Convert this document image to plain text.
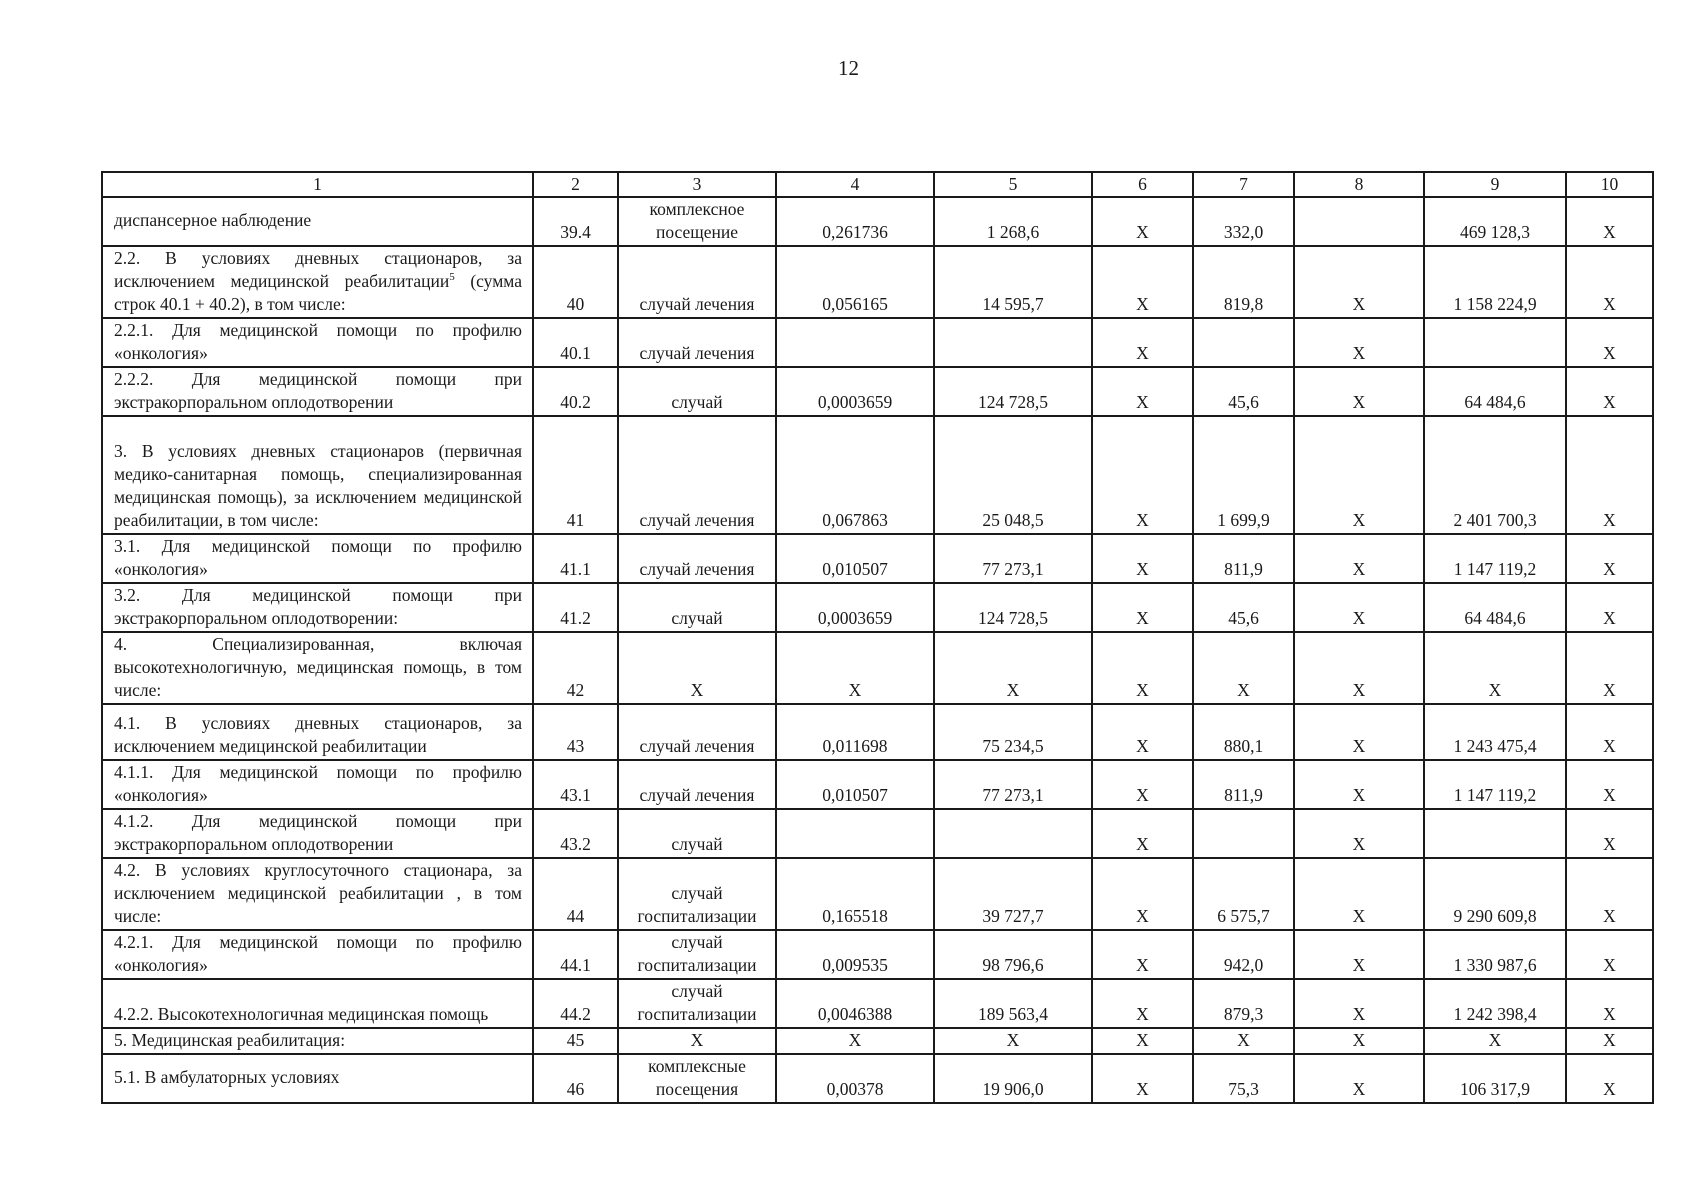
12
1	2	3	4	5	6	7	8	9	10
диспансерное наблюдение	39.4	комплексное посещение	0,261736	1 268,6	X	332,0		469 128,3	X
2.2. В условиях дневных стационаров, за исключением медицинской реабилитации$^5$ (сумма строк 40.1 + 40.2), в том числе:	40	случай лечения	0,056165	14 595,7	X	819,8	X	1 158 224,9	X
2.2.1. Для медицинской помощи по профилю «онкология»	40.1	случай лечения			X		X		X
2.2.2. Для медицинской помощи при экстракорпоральном оплодотворении	40.2	случай	0,0003659	124 728,5	X	45,6	X	64 484,6	X
3. В условиях дневных стационаров (первичная медико-санитарная помощь, специализированная медицинская помощь), за исключением медицинской реабилитации, в том числе:	41	случай лечения	0,067863	25 048,5	X	1 699,9	X	2 401 700,3	X
3.1. Для медицинской помощи по профилю «онкология»	41.1	случай лечения	0,010507	77 273,1	X	811,9	X	1 147 119,2	X
3.2. Для медицинской помощи при экстракорпоральном оплодотворении:	41.2	случай	0,0003659	124 728,5	X	45,6	X	64 484,6	X
4. Специализированная, включая высокотехнологичную, медицинская помощь, в том числе:	42	X	X	X	X	X	X	X	X
4.1. В условиях дневных стационаров, за исключением медицинской реабилитации	43	случай лечения	0,011698	75 234,5	X	880,1	X	1 243 475,4	X
4.1.1. Для медицинской помощи по профилю «онкология»	43.1	случай лечения	0,010507	77 273,1	X	811,9	X	1 147 119,2	X
4.1.2. Для медицинской помощи при экстракорпоральном оплодотворении	43.2	случай			X		X		X
4.2. В условиях круглосуточного стационара, за исключением медицинской реабилитации , в том числе:	44	случай госпитализации	0,165518	39 727,7	X	6 575,7	X	9 290 609,8	X
4.2.1. Для медицинской помощи по профилю «онкология»	44.1	случай госпитализации	0,009535	98 796,6	X	942,0	X	1 330 987,6	X
4.2.2. Высокотехнологичная медицинская помощь	44.2	случай госпитализации	0,0046388	189 563,4	X	879,3	X	1 242 398,4	X
5. Медицинская реабилитация:	45	X	X	X	X	X	X	X	X
5.1. В амбулаторных условиях	46	комплексные посещения	0,00378	19 906,0	X	75,3	X	106 317,9	X
